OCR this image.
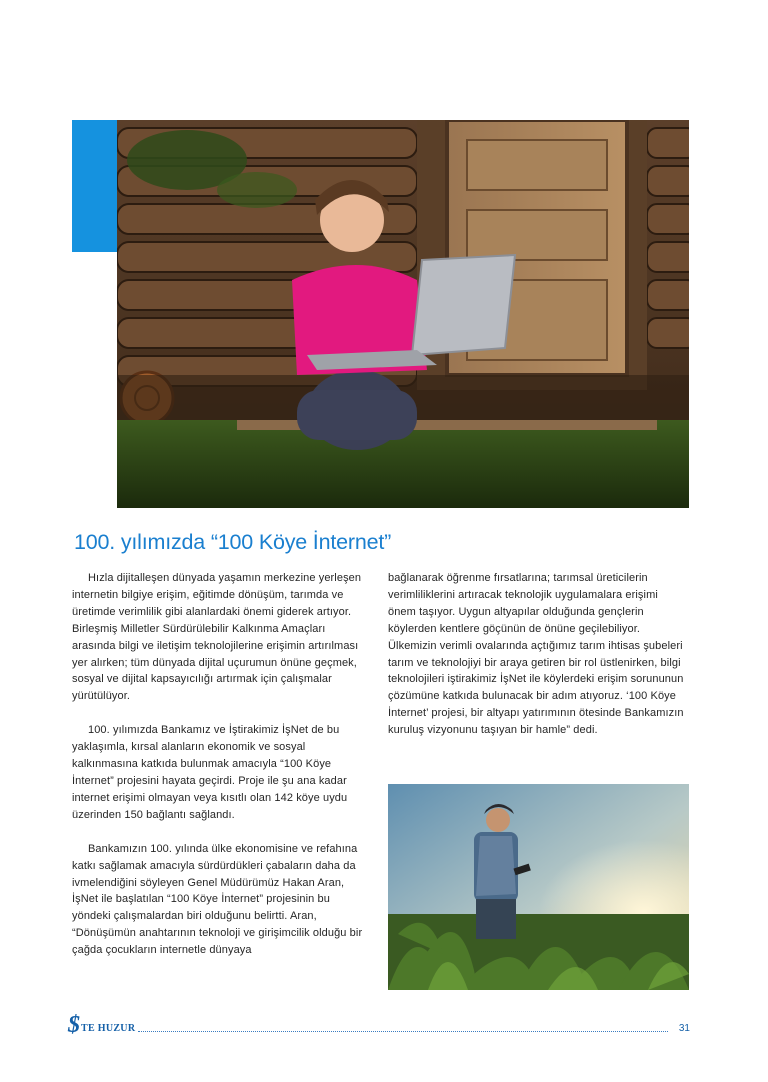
100. yılımızda “100 Köye İnternet”

Hızla dijitalleşen dünyada yaşamın merkezine yerleşen internetin bilgiye erişim, eğitimde dönüşüm, tarımda ve üretimde verimlilik gibi alanlardaki önemi giderek artıyor. Birleşmiş Milletler Sürdürülebilir Kalkınma Amaçları arasında bilgi ve iletişim teknolojilerine erişimin artırılması yer alırken; tüm dünyada dijital uçurumun önüne geçmek, sosyal ve dijital kapsayıcılığı artırmak için çalışmalar yürütülüyor.

100. yılımızda Bankamız ve İştirakimiz İşNet de bu yaklaşımla, kırsal alanların ekonomik ve sosyal kalkınmasına katkıda bulunmak amacıyla “100 Köye İnternet” projesini hayata geçirdi. Proje ile şu ana kadar internet erişimi olmayan veya kısıtlı olan 142 köye uydu üzerinden 150 bağlantı sağlandı.

Bankamızın 100. yılında ülke ekonomisine ve refahına katkı sağlamak amacıyla sürdürdükleri çabaların daha da ivmelendiğini söyleyen Genel Müdürümüz Hakan Aran, İşNet ile başlatılan “100 Köye İnternet” projesinin bu yöndeki çalışmalardan biri olduğunu belirtti. Aran, “Dönüşümün anahtarının teknoloji ve girişimcilik olduğu bir çağda çocukların internetle dünyaya

bağlanarak öğrenme fırsatlarına; tarımsal üreticilerin verimliliklerini artıracak teknolojik uygulamalara erişimi önem taşıyor. Uygun altyapılar olduğunda gençlerin köylerden kentlere göçünün de önüne geçilebiliyor. Ülkemizin verimli ovalarında açtığımız tarım ihtisas şubeleri tarım ve teknolojiyi bir araya getiren bir rol üstlenirken, bilgi teknolojileri iştirakimiz İşNet ile köylerdeki erişim sorununun çözümüne katkıda bulunacak bir adım atıyoruz. ‘100 Köye İnternet’ projesi, bir altyapı yatırımının ötesinde Bankamızın kuruluş vizyonunu taşıyan bir hamle” dedi.

$ TE HUZUR	31
